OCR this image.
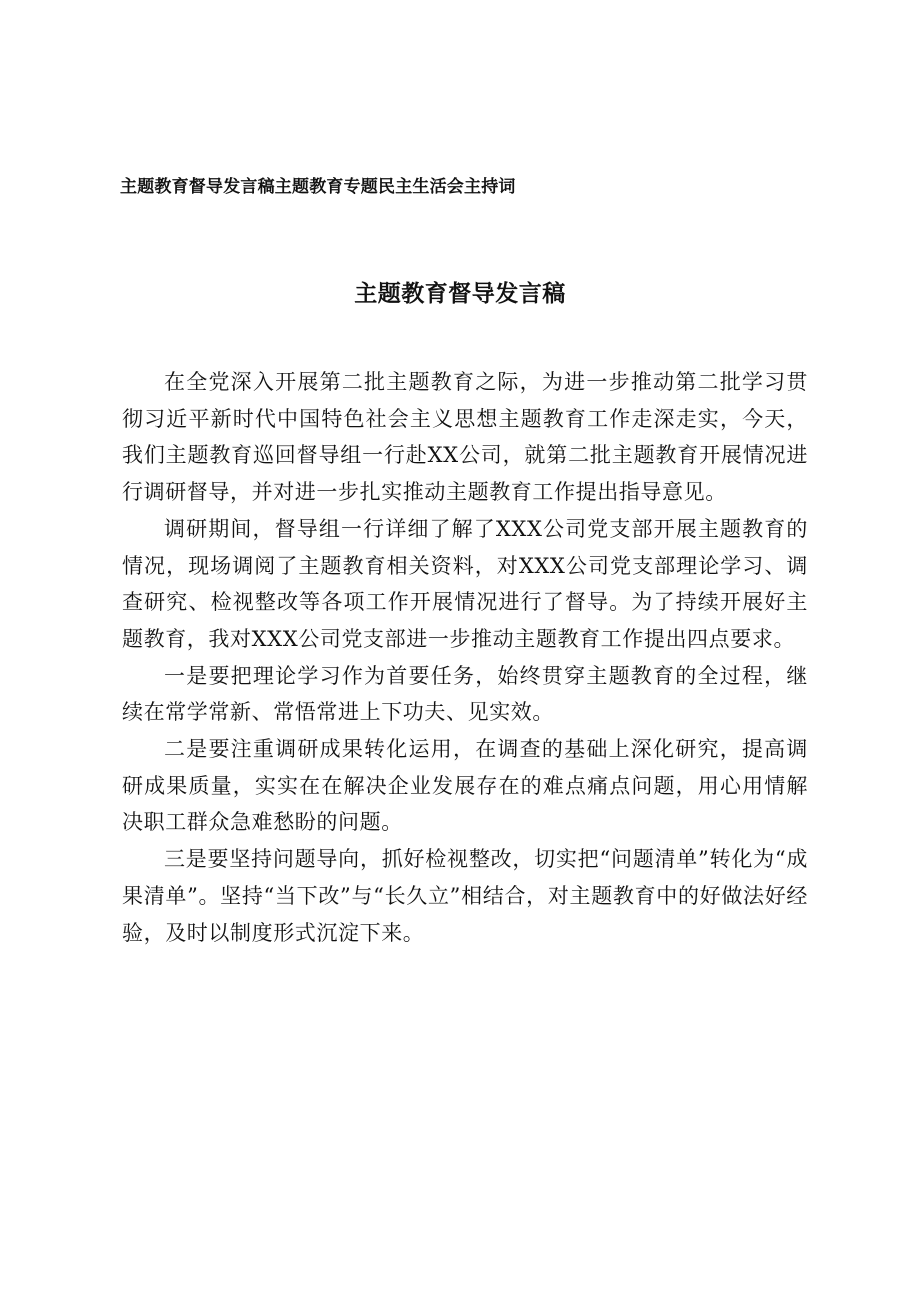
主题教育督导发言稿主题教育专题民主生活会主持词
主题教育督导发言稿

在全党深入开展第二批主题教育之际，为进一步推动第二批学习贯彻习近平新时代中国特色社会主义思想主题教育工作走深走实，今天，我们主题教育巡回督导组一行赴XX公司，就第二批主题教育开展情况进行调研督导，并对进一步扎实推动主题教育工作提出指导意见。

调研期间，督导组一行详细了解了XXX公司党支部开展主题教育的情况，现场调阅了主题教育相关资料，对XXX公司党支部理论学习、调查研究、检视整改等各项工作开展情况进行了督导。为了持续开展好主题教育，我对XXX公司党支部进一步推动主题教育工作提出四点要求。

一是要把理论学习作为首要任务，始终贯穿主题教育的全过程，继续在常学常新、常悟常进上下功夫、见实效。

二是要注重调研成果转化运用，在调查的基础上深化研究，提高调研成果质量，实实在在解决企业发展存在的难点痛点问题，用心用情解决职工群众急难愁盼的问题。

三是要坚持问题导向，抓好检视整改，切实把“问题清单”转化为“成果清单”。坚持“当下改”与“长久立”相结合，对主题教育中的好做法好经验，及时以制度形式沉淀下来。
